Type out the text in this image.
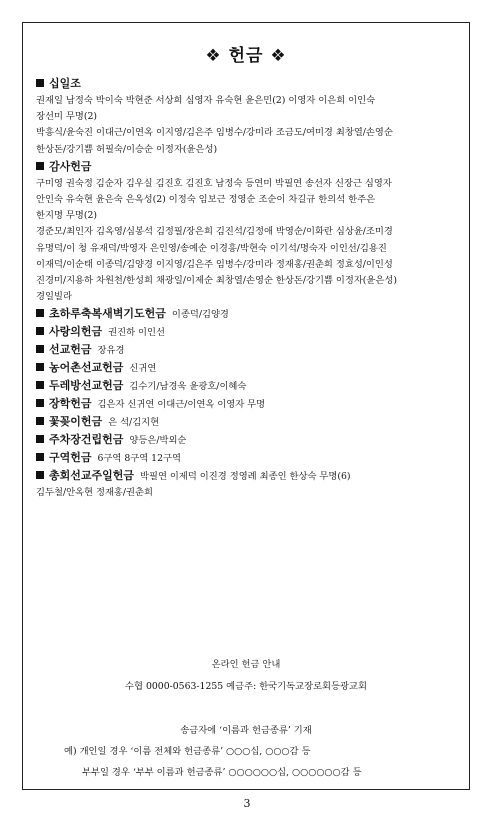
❖ 헌금 ❖
십일조
권재일 남정숙 박이숙 박현준 서상희 심영자 유숙현 윤은민(2) 이영자 이은희 이인숙
장선미 무명(2)
박흥식/윤숙진 이대근/이연옥 이지영/김은주 임병수/강미라 조금도/여미경 최창열/손영순
한상돈/강기쁨 허필숙/이승순 이정자(윤은성)
감사헌금
구미영 권숙정 김순자 김우실 김진호 김진호 남정숙 등연미 박필연 송선자 신장근 심영자
안인숙 유숙현 윤은숙 은옥성(2) 이정숙 임보근 정영순 조순이 차길규 한의석 한주은
한지명 무명(2)
경준모/최인자 김옥영/심봉석 김정필/장은희 김진석/김정애 박영순/이화란 심상윤/조미경
유명덕/이 청 유재덕/박영자 은인영/송예순 이경흥/박현숙 이기석/명숙자 이인선/김용진
이재덕/이순태 이종덕/김양경 이지영/김은주 임병수/강미라 정재홍/권춘희 정효성/이인성
진경미/지용하 차원천/한성희 채광일/이제순 최창열/손영순 한상돈/강기쁨 이정자(윤은성)
경일빌라
초하루축복새벽기도헌금 이종덕/김양경
사랑의헌금 권진하 이인선
선교헌금 장유경
농어촌선교헌금 신귀연
두레방선교헌금 김수기/남경욱 윤광호/이혜숙
장학헌금 김은자 신귀연 이대근/이연옥 이영자 무명
꽃꽂이헌금 은 석/김지현
주차장건립헌금 양등은/박외순
구역헌금 6구역 8구역 12구역
총회선교주일헌금 박필연 이제덕 이진경 정영례 최종인 한상숙 무명(6)
김두철/안옥현 정재홍/권춘희
온라인 헌금 안내
수협 0000-0563-1255 예금주: 한국기독교장로회등광교회
송금자에 ‘이름과 헌금종류’ 기재
예) 개인일 경우 ‘이름 전체와 헌금종류’ ○○○십, ○○○감 등
부부일 경우 ‘부부 이름과 헌금종류’ ○○○○○○십, ○○○○○○감 등
3
